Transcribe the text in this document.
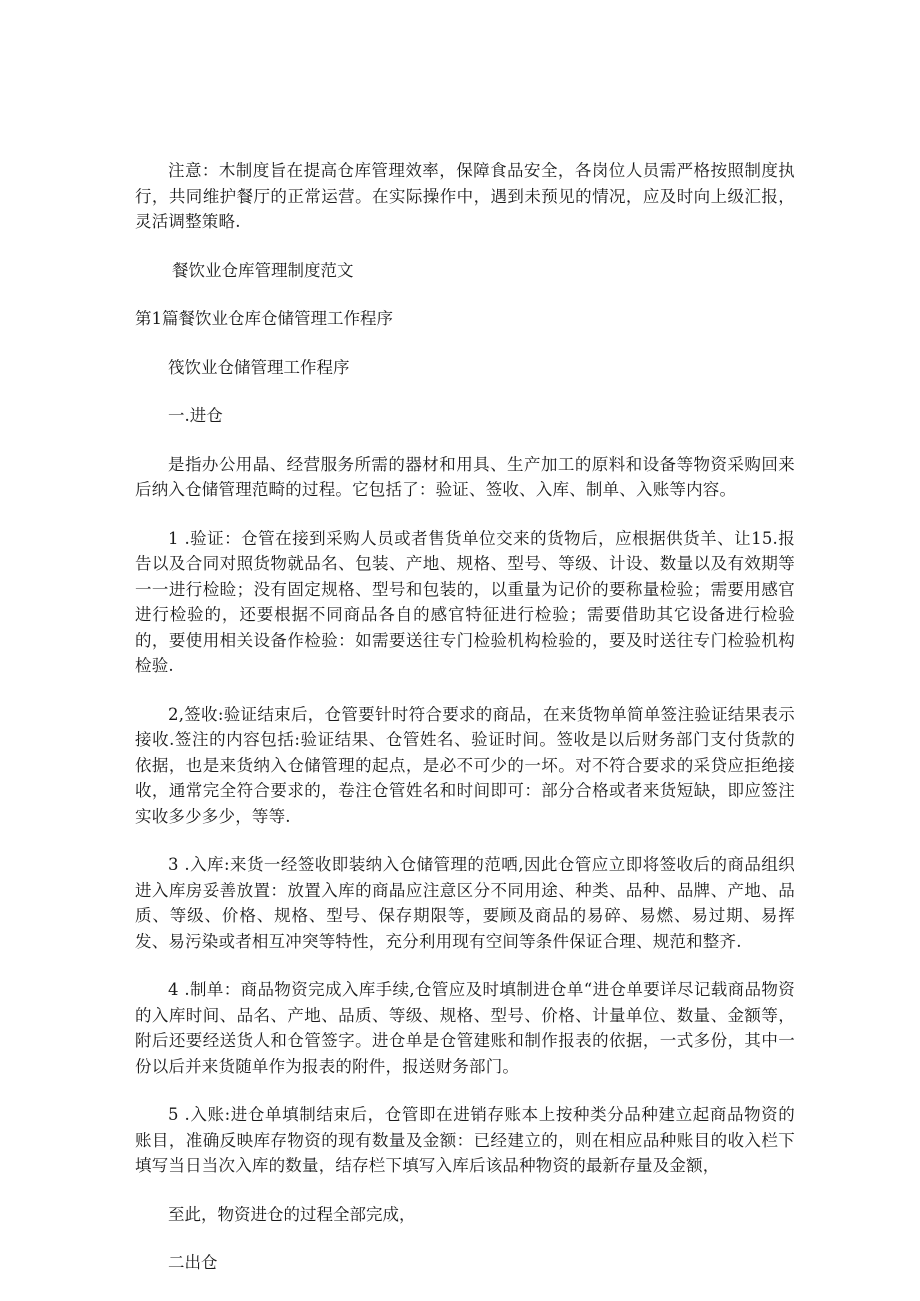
注意：木制度旨在提高仓库管理效率，保障食品安全，各岗位人员需严格按照制度执行，共同维护餐厅的正常运营。在实际操作中，遇到未预见的情况，应及时向上级汇报，灵活调整策略.

餐饮业仓库管理制度范文

第1篇餐饮业仓库仓储管理工作程序

筏饮业仓储管理工作程序

一.进仓

是指办公用晶、经营服务所需的器材和用具、生产加工的原料和设备等物资采购回来后纳入仓储管理范畸的过程。它包括了：验证、签收、入库、制单、入账等内容。

1 .验证：仓管在接到采购人员或者售货单位交来的货物后，应根据供货羊、让15.报告以及合同对照货物就品名、包装、产地、规格、型号、等级、计设、数量以及有效期等一一进行检睑；没有固定规格、型号和包装的，以重量为记价的要称量检验；需要用感官进行检验的，还要根据不同商品各自的感官特征进行检验；需要借助其它设备进行检验的，要使用相关设备作检验：如需要送往专门检验机构检验的，要及时送往专门检验机构检验.

2,签收:验证结束后，仓管要针时符合要求的商品，在来货物单简单签注验证结果表示接收.签注的内容包括:验证结果、仓管姓名、验证时间。签收是以后财务部门支付货款的依据，也是来货纳入仓储管理的起点，是必不可少的一坏。对不符合要求的采贷应拒绝接收，通常完全符合要求的，卷注仓管姓名和时间即可：部分合格或者来货短缺，即应签注实收多少多少，等等.

3 .入库:来货一经签收即装纳入仓储管理的范哂,因此仓管应立即将签收后的商品组织进入库房妥善放置：放置入库的商晶应注意区分不同用途、种类、品种、品牌、产地、品质、等级、价格、规格、型号、保存期限等，要顾及商品的易碎、易燃、易过期、易挥发、易污染或者相互冲突等特性，充分利用现有空间等条件保证合理、规范和整齐.

4 .制单：商品物资完成入库手续,仓管应及时填制进仓单“进仓单要详尽记载商品物资的入库时间、品名、产地、品质、等级、规格、型号、价格、计量单位、数量、金额等，附后还要经送货人和仓管签字。进仓单是仓管建账和制作报表的依据，一式多份，其中一份以后并来货随单作为报表的附件，报送财务部门。

5 .入账:进仓单填制结束后，仓管即在进销存账本上按种类分品种建立起商品物资的账目，准确反映库存物资的现有数量及金额：已经建立的，则在相应品种账目的收入栏下填写当日当次入库的数量，结存栏下填写入库后该品种物资的最新存量及金额，

至此，物资进仓的过程全部完成，

二出仓
